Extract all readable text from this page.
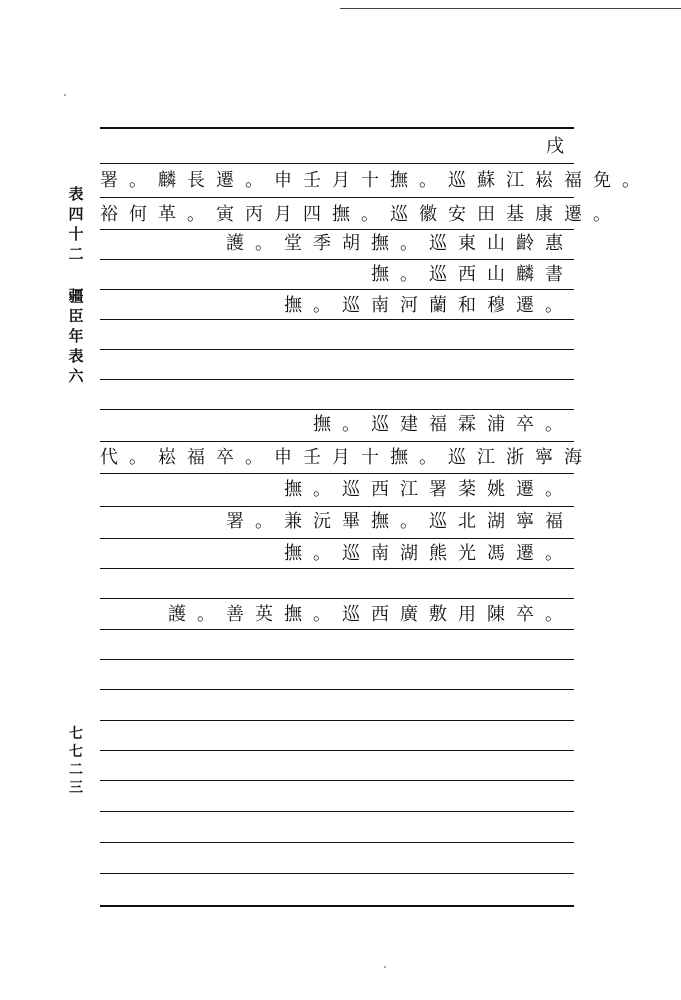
表
四
十
二
疆
臣
年
表
六
七
七
二
三
戌
署。麟長遷。申壬月十撫。巡蘇江崧福免。
裕何革。寅丙月四撫。巡徽安田基康遷。
護。堂季胡撫。巡東山齡惠
撫。巡西山麟書
撫。巡南河蘭和穆遷。
撫。巡建福霖浦卒。
代。崧福卒。申壬月十撫。巡江浙寧海
撫。巡西江署棻姚遷。
署。兼沅畢撫。巡北湖寧福
撫。巡南湖熊光馮遷。
護。善英撫。巡西廣敷用陳卒。
